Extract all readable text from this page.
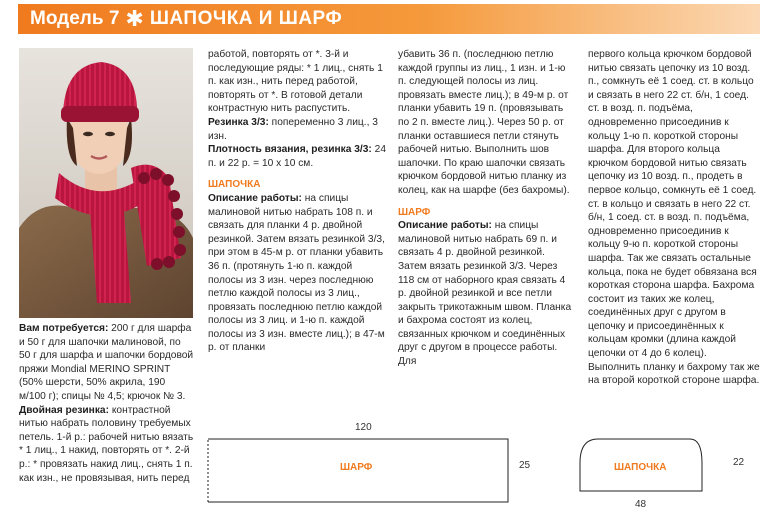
Модель 7 ✱ ШАПОЧКА И ШАРФ

Вам потребуется: 200 г для шарфа и 50 г для шапочки малиновой, по 50 г для шарфа и шапочки бордовой пряжи Mondial MERINO SPRINT (50% шерсти, 50% акрила, 190 м/100 г); спицы № 4,5; крючок № 3.

Двойная резинка: контрастной нитью набрать половину требуемых петель. 1-й р.: рабочей нитью вязать * 1 лиц., 1 накид, повторять от *. 2-й р.: * провязать накид лиц., снять 1 п. как изн., не провязывая, нить перед

работой, повторять от *. 3-й и последующие ряды: * 1 лиц., снять 1 п. как изн., нить перед работой, повторять от *. В готовой детали контрастную нить распустить.

Резинка 3/3: попеременно 3 лиц., 3 изн.

Плотность вязания, резинка 3/3: 24 п. и 22 р. = 10 х 10 см.

ШАПОЧКА

Описание работы: на спицы малиновой нитью набрать 108 п. и связать для планки 4 р. двойной резинкой. Затем вязать резинкой 3/3, при этом в 45-м р. от планки убавить 36 п. (протянуть 1-ю п. каждой полосы из 3 изн. через последнюю петлю каждой полосы из 3 лиц., провязать последнюю петлю каждой полосы из 3 лиц. и 1-ю п. каждой полосы из 3 изн. вместе лиц.); в 47-м р. от планки

убавить 36 п. (последнюю петлю каждой группы из лиц., 1 изн. и 1-ю п. следующей полосы из лиц. провязать вместе лиц.); в 49-м р. от планки убавить 19 п. (провязывать по 2 п. вместе лиц.). Через 50 р. от планки оставшиеся петли стянуть рабочей нитью. Выполнить шов шапочки. По краю шапочки связать крючком бордовой нитью планку из колец, как на шарфе (без бахромы).

ШАРФ

Описание работы: на спицы малиновой нитью набрать 69 п. и связать 4 р. двойной резинкой. Затем вязать резинкой 3/3. Через 118 см от наборного края связать 4 р. двойной резинкой и все петли закрыть трикотажным швом. Планка и бахрома состоят из колец, связанных крючком и соединённых друг с другом в процессе работы. Для

первого кольца крючком бордовой нитью связать цепочку из 10 возд. п., сомкнуть её 1 соед. ст. в кольцо и связать в него 22 ст. б/н, 1 соед. ст. в возд. п. подъёма, одновременно присоединив к кольцу 1-ю п. короткой стороны шарфа. Для второго кольца крючком бордовой нитью связать цепочку из 10 возд. п., продеть в первое кольцо, сомкнуть её 1 соед. ст. в кольцо и связать в него 22 ст. б/н, 1 соед. ст. в возд. п. подъёма, одновременно присоединив к кольцу 9-ю п. короткой стороны шарфа. Так же связать остальные кольца, пока не будет обвязана вся короткая сторона шарфа. Бахрома состоит из таких же колец, соединённых друг с другом в цепочку и присоединённых к кольцам кромки (длина каждой цепочки от 4 до 6 колец). Выполнить планку и бахрому так же на второй короткой стороне шарфа.

120
25
ШАРФ	ШАПОЧКА
48
22
